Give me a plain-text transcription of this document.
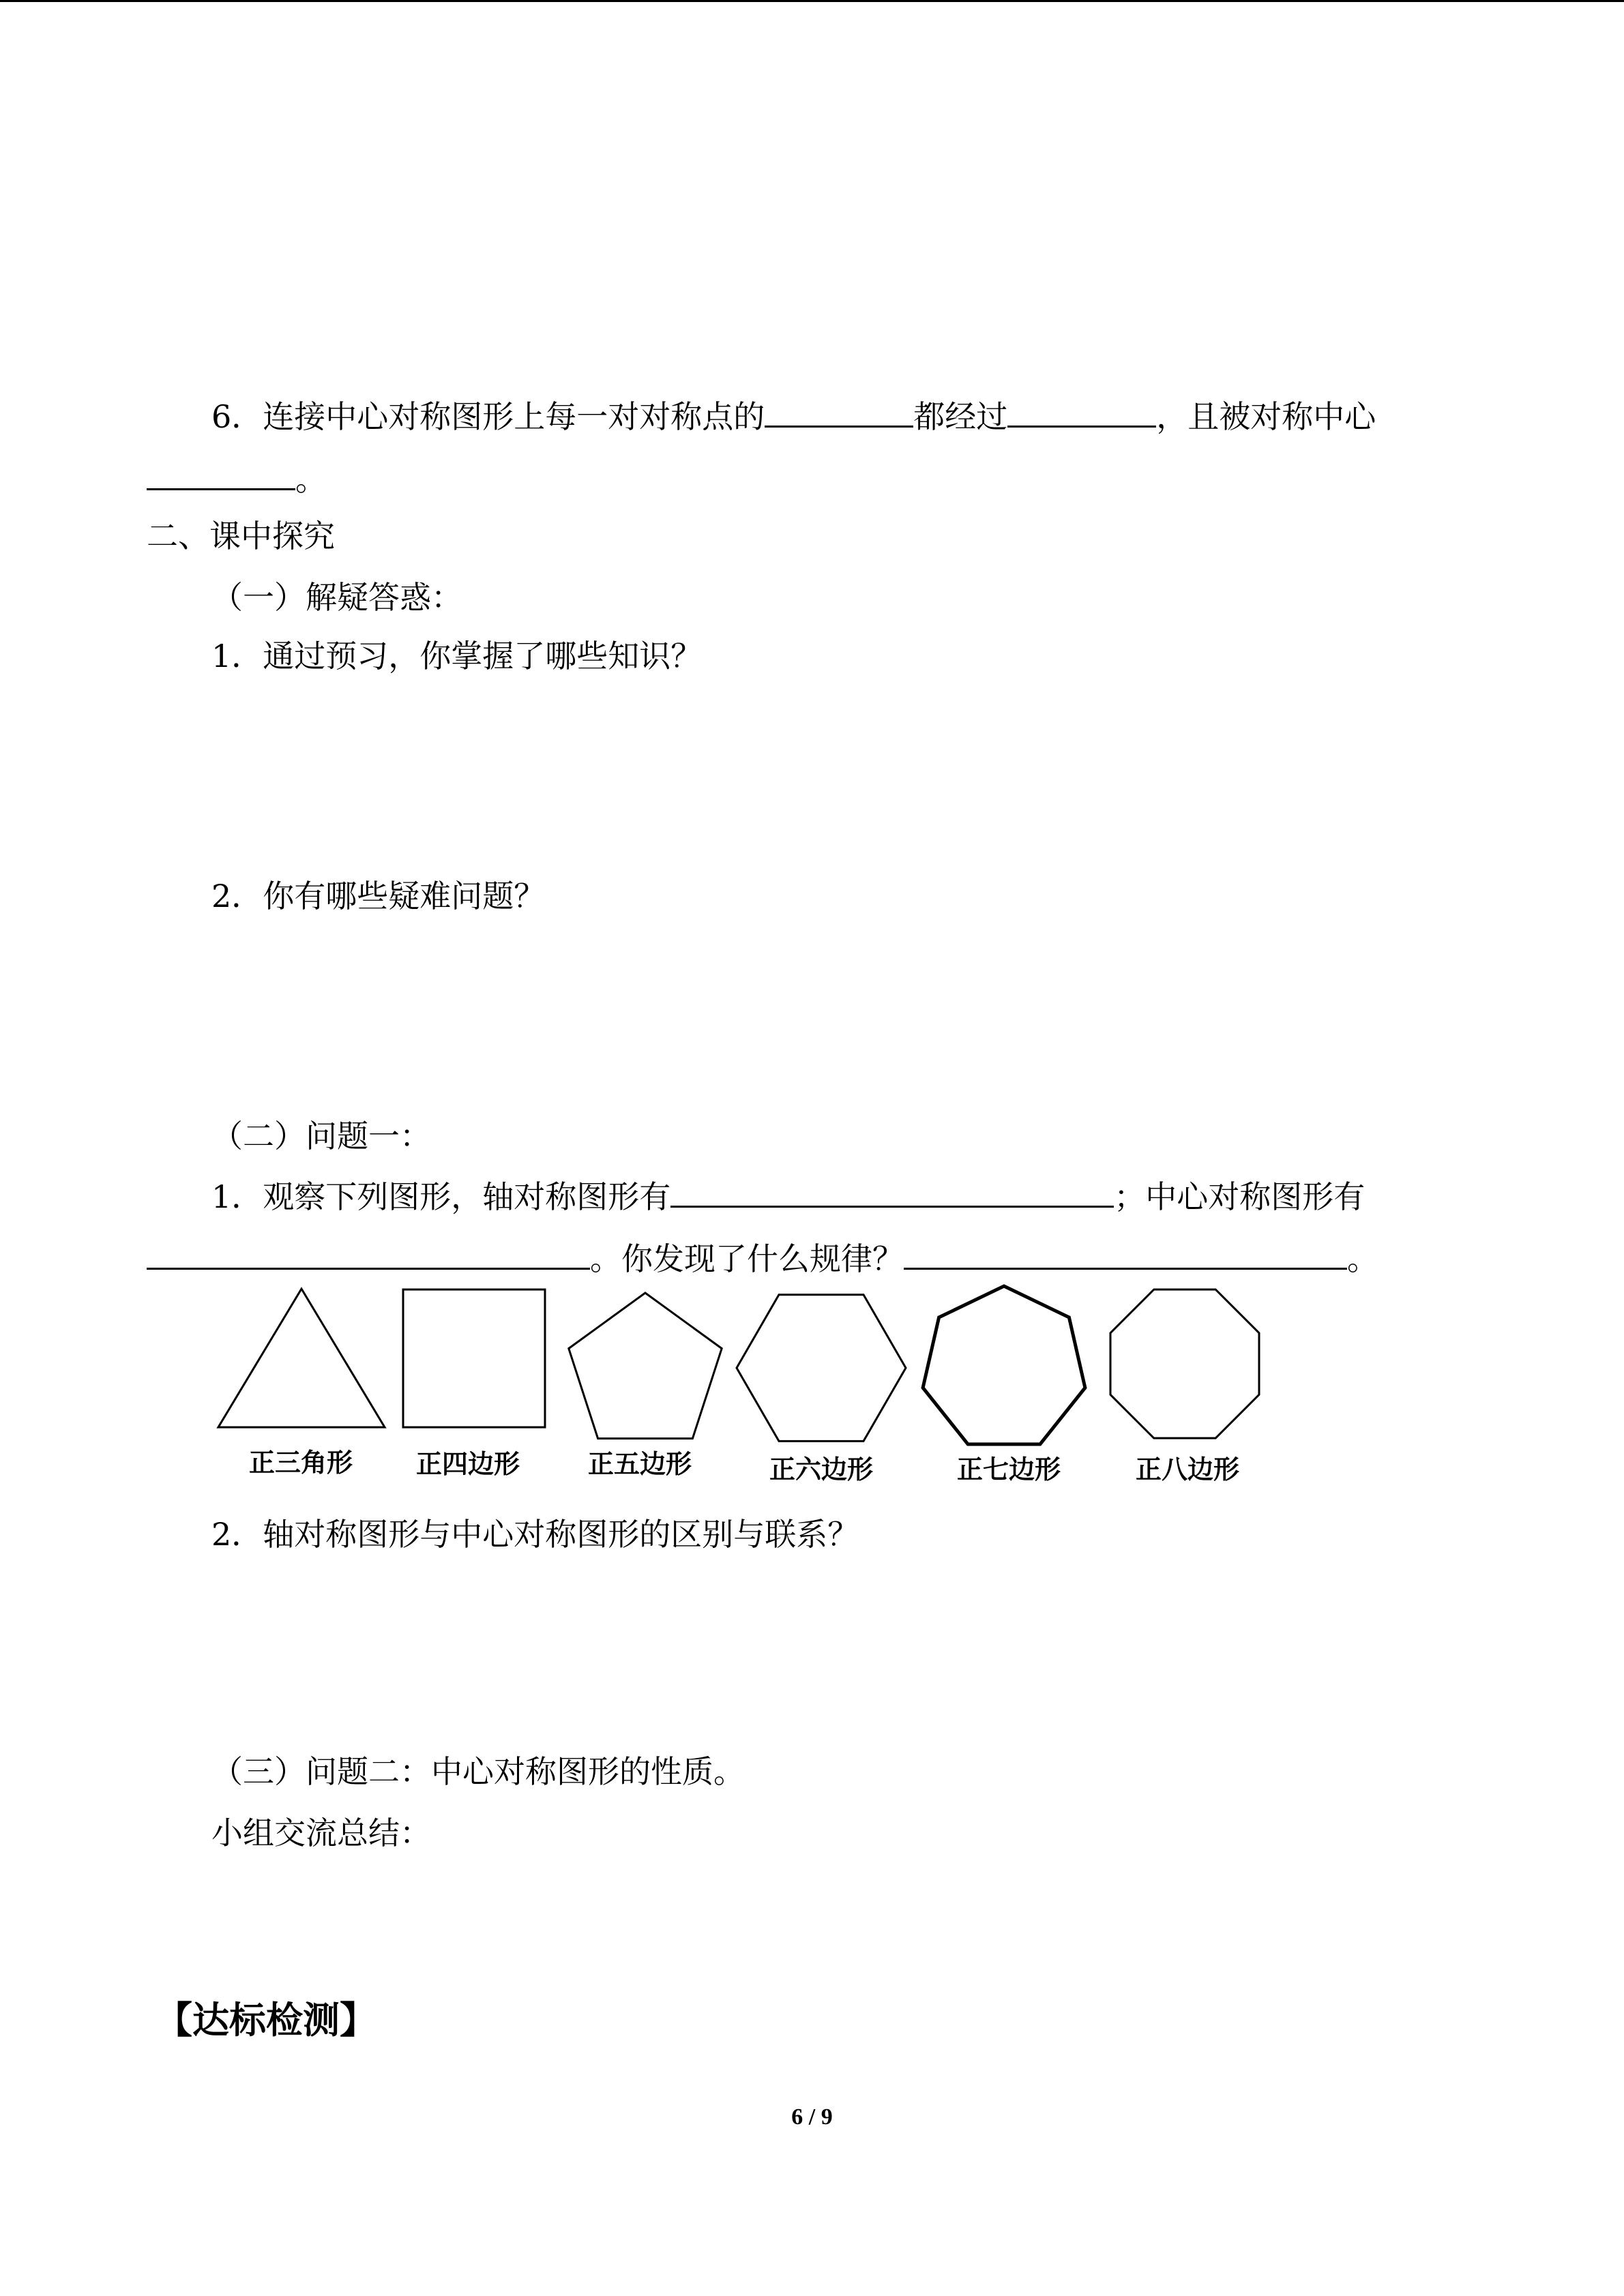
6．连接中心对称图形上每一对对称点的	都经过	，且被对称中心
。
二、课中探究
（一）解疑答惑：
1．通过预习，你掌握了哪些知识？
2．你有哪些疑难问题？
（二）问题一：
1．观察下列图形，轴对称图形有	；中心对称图形有
。你发现了什么规律？	。
正三角形 正四边形	正五边形	正六边形	正七边形	正八边形
2．轴对称图形与中心对称图形的区别与联系？
（三）问题二：中心对称图形的性质。
小组交流总结：
【达标检测】
6 / 9
